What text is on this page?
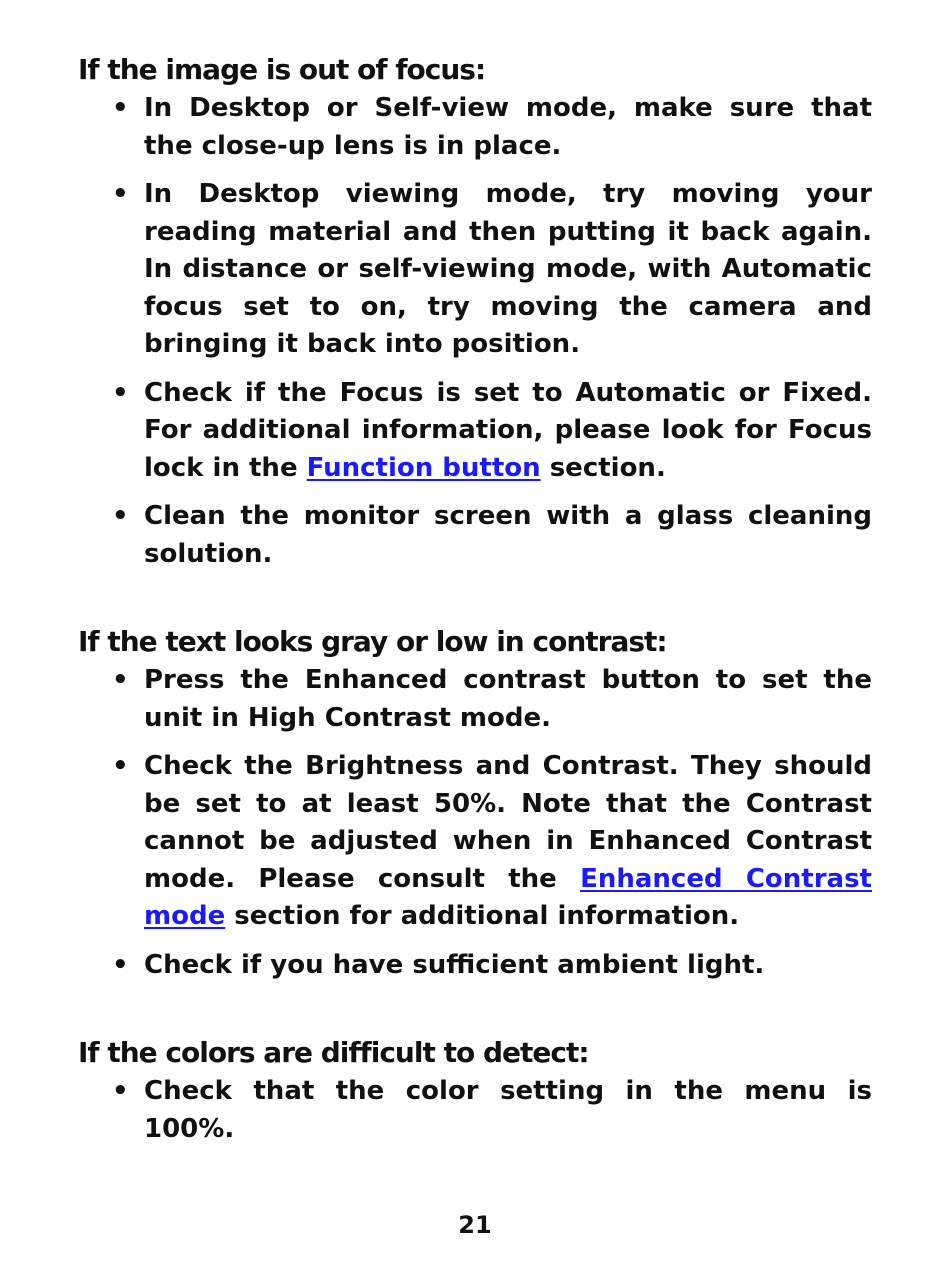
If the image is out of focus:
• In Desktop or Self-view mode, make sure that the close-up lens is in place.
• In Desktop viewing mode, try moving your reading material and then putting it back again. In distance or self-viewing mode, with Automatic focus set to on, try moving the camera and bringing it back into position.
• Check if the Focus is set to Automatic or Fixed. For additional information, please look for Focus lock in the Function button section.
• Clean the monitor screen with a glass cleaning solution.
If the text looks gray or low in contrast:
• Press the Enhanced contrast button to set the unit in High Contrast mode.
• Check the Brightness and Contrast. They should be set to at least 50%. Note that the Contrast cannot be adjusted when in Enhanced Contrast mode. Please consult the Enhanced Contrast mode section for additional information.
• Check if you have sufficient ambient light.
If the colors are difficult to detect:
• Check that the color setting in the menu is 100%.
21
